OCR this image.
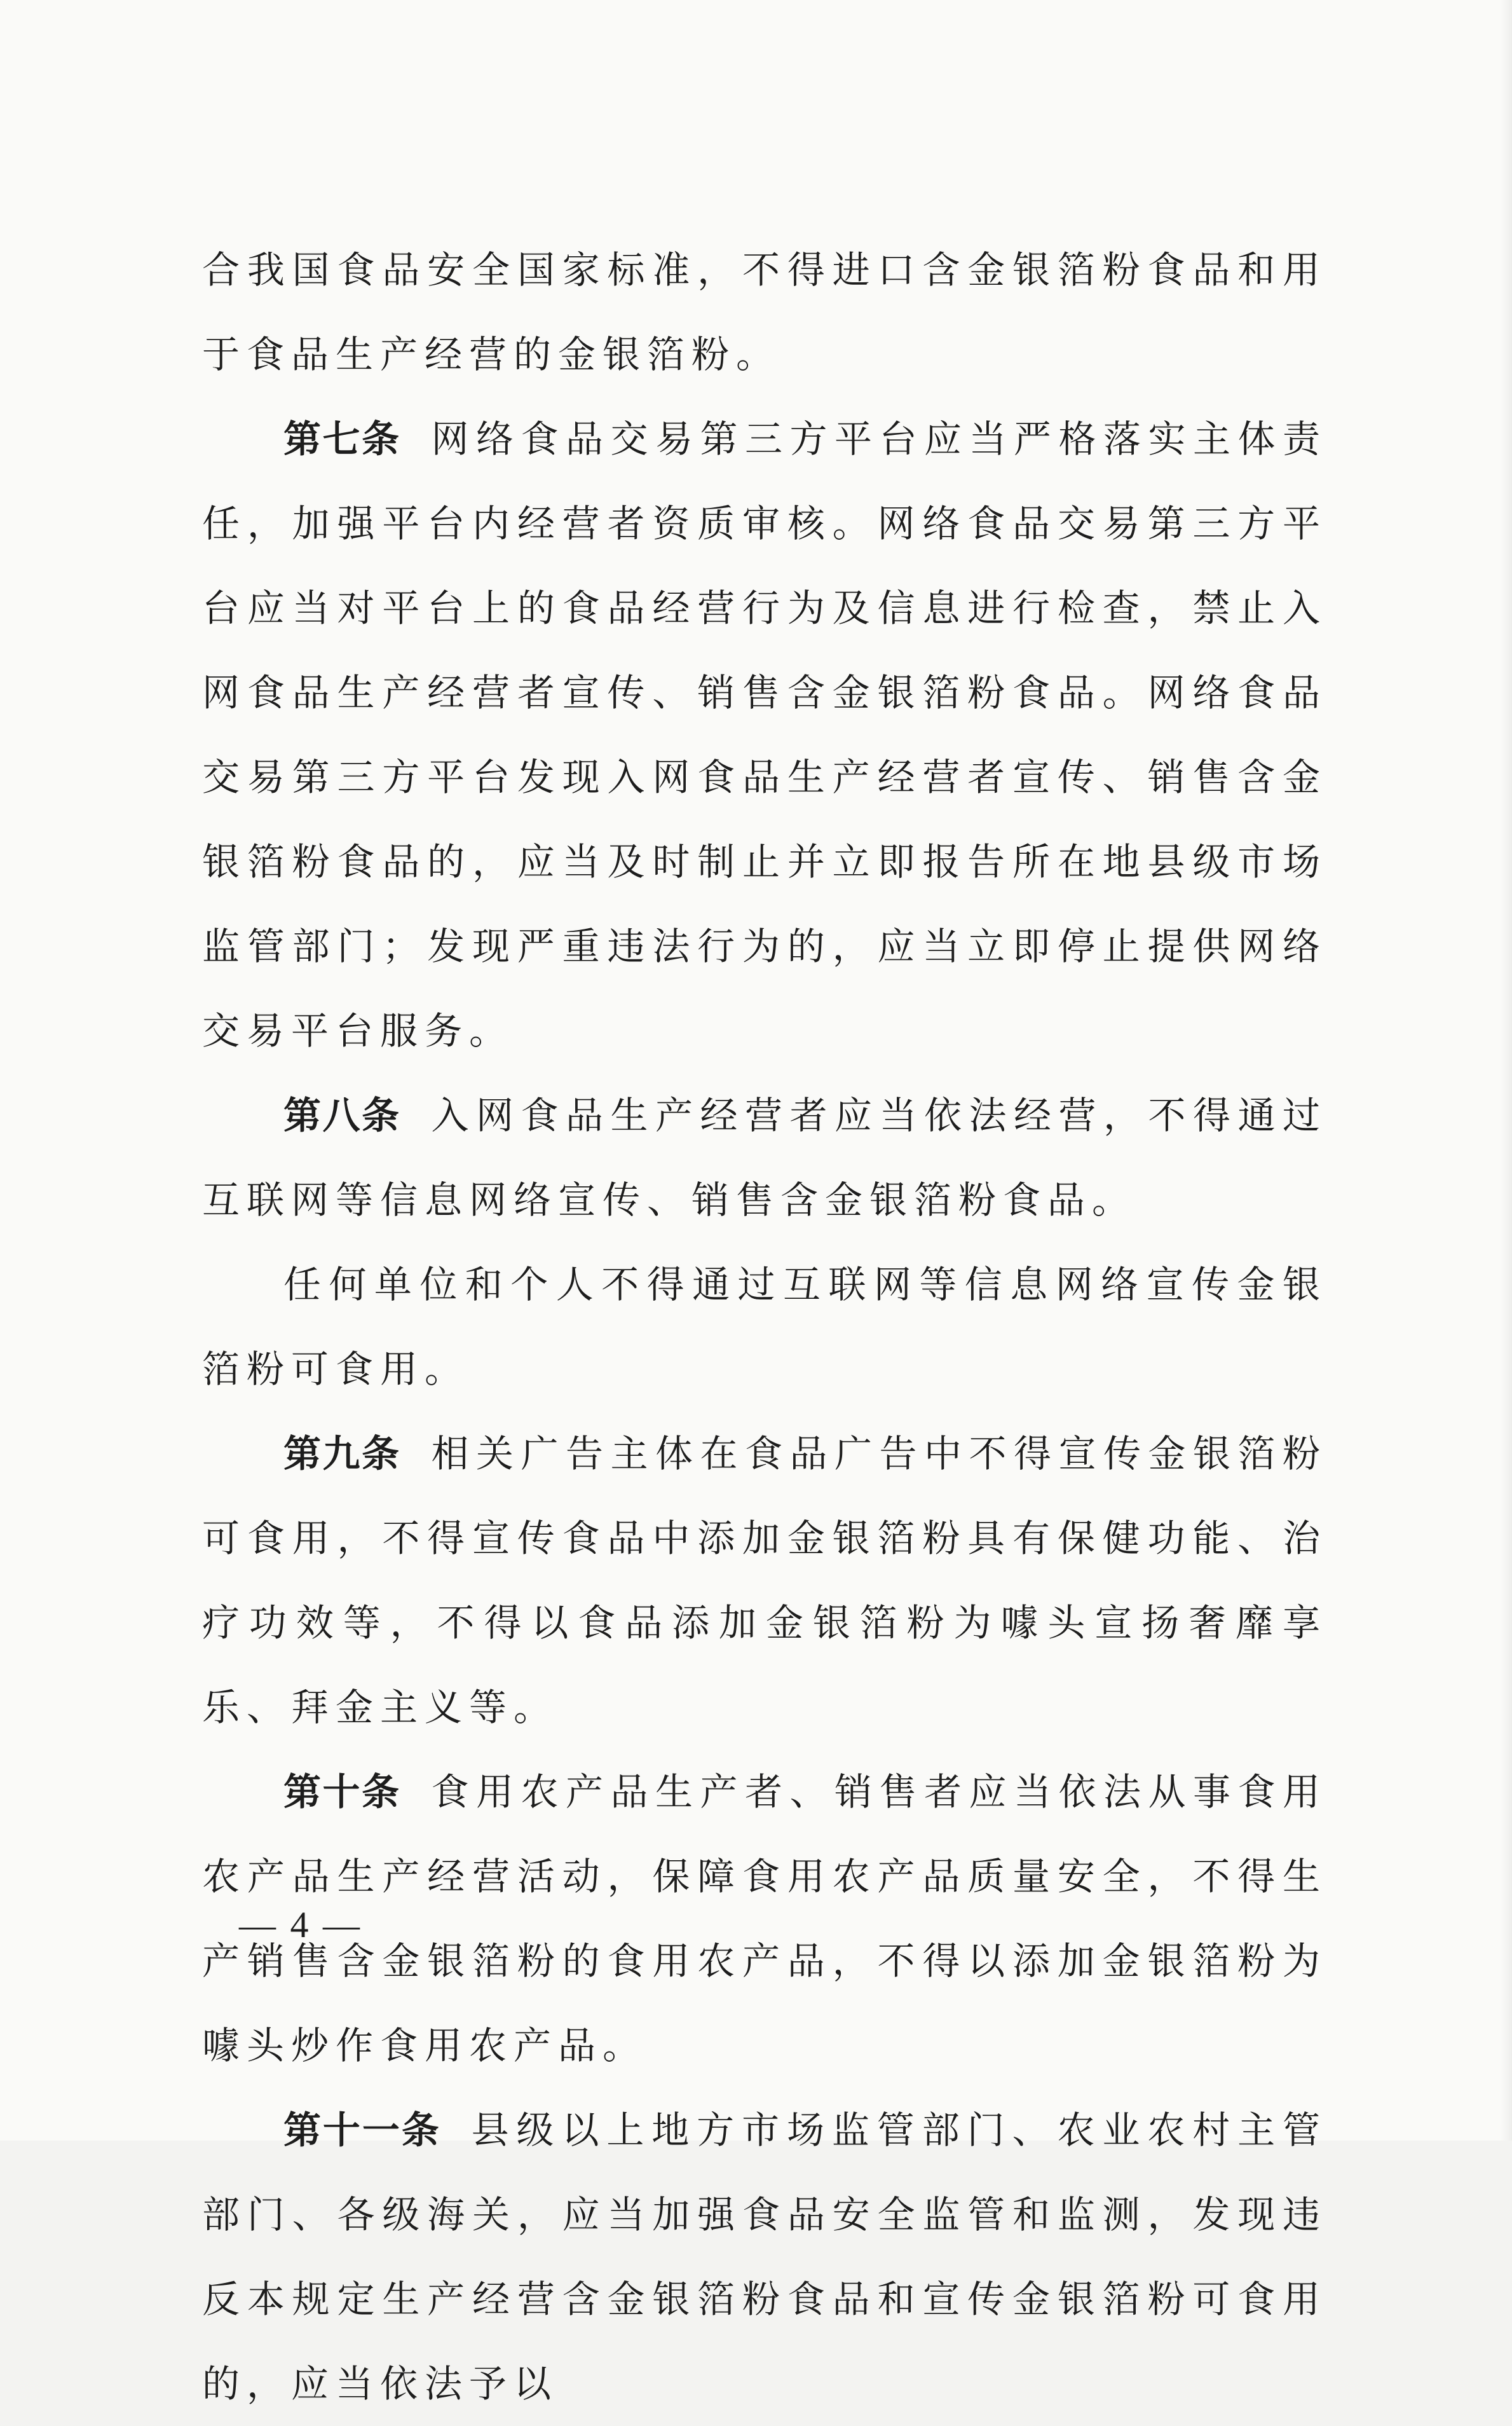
合我国食品安全国家标准，不得进口含金银箔粉食品和用于食品生产经营的金银箔粉。

第七条 网络食品交易第三方平台应当严格落实主体责任，加强平台内经营者资质审核。网络食品交易第三方平台应当对平台上的食品经营行为及信息进行检查，禁止入网食品生产经营者宣传、销售含金银箔粉食品。网络食品交易第三方平台发现入网食品生产经营者宣传、销售含金银箔粉食品的，应当及时制止并立即报告所在地县级市场监管部门；发现严重违法行为的，应当立即停止提供网络交易平台服务。

第八条 入网食品生产经营者应当依法经营，不得通过互联网等信息网络宣传、销售含金银箔粉食品。

任何单位和个人不得通过互联网等信息网络宣传金银箔粉可食用。

第九条 相关广告主体在食品广告中不得宣传金银箔粉可食用，不得宣传食品中添加金银箔粉具有保健功能、治疗功效等，不得以食品添加金银箔粉为噱头宣扬奢靡享乐、拜金主义等。

第十条 食用农产品生产者、销售者应当依法从事食用农产品生产经营活动，保障食用农产品质量安全，不得生产销售含金银箔粉的食用农产品，不得以添加金银箔粉为噱头炒作食用农产品。

第十一条 县级以上地方市场监管部门、农业农村主管部门、各级海关，应当加强食品安全监管和监测，发现违反本规定生产经营含金银箔粉食品和宣传金银箔粉可食用的，应当依法予以

— 4 —
